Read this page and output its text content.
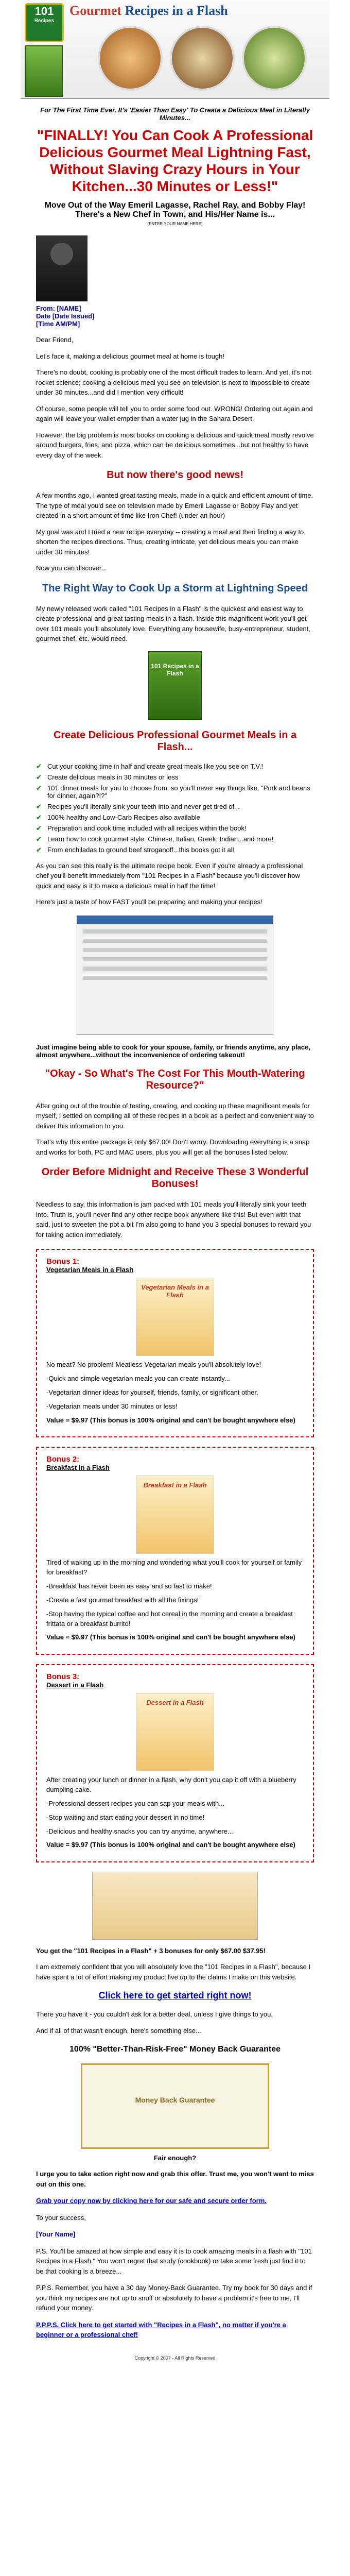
101
Recipes
Gourmet Recipes in a Flash
For The First Time Ever, It's 'Easier Than Easy' To Create a Delicious Meal in Literally Minutes...
"FINALLY! You Can Cook A Professional Delicious Gourmet Meal Lightning Fast, Without Slaving Crazy Hours in Your Kitchen...30 Minutes or Less!"
Move Out of the Way Emeril Lagasse, Rachel Ray, and Bobby Flay! There's a New Chef in Town, and His/Her Name is...
(ENTER YOUR NAME HERE)
From: [NAME]
Date [Date Issued]
[Time AM/PM]

Dear Friend,

Let's face it, making a delicious gourmet meal at home is tough!

There's no doubt, cooking is probably one of the most difficult trades to learn. And yet, it's not rocket science; cooking a delicious meal you see on television is next to impossible to create under 30 minutes...and did I mention very difficult!

Of course, some people will tell you to order some food out. WRONG! Ordering out again and again will leave your wallet emptier than a water jug in the Sahara Desert.

However, the big problem is most books on cooking a delicious and quick meal mostly revolve around burgers, fries, and pizza, which can be delicious sometimes...but not healthy to have every day of the week.

But now there's good news!

A few months ago, I wanted great tasting meals, made in a quick and efficient amount of time. The type of meal you'd see on television made by Emeril Lagasse or Bobby Flay and yet created in a short amount of time like Iron Chef! (under an hour)

My goal was and I tried a new recipe everyday -- creating a meal and then finding a way to shorten the recipes directions. Thus, creating intricate, yet delicious meals you can make under 30 minutes!

Now you can discover...

The Right Way to Cook Up a Storm at Lightning Speed

My newly released work called "101 Recipes in a Flash" is the quickest and easiest way to create professional and great tasting meals in a flash. Inside this magnificent work you'll get over 101 meals you'll absolutely love. Everything any housewife, busy-entrepreneur, student, gourmet chef, etc. would need.

101 Recipes in a Flash
Create Delicious Professional Gourmet Meals in a Flash...
✔ Cut your cooking time in half and create great meals like you see on T.V.!
✔ Create delicious meals in 30 minutes or less
✔ 101 dinner meals for you to choose from, so you'll never say things like, "Pork and beans for dinner, again?!?"
✔ Recipes you'll literally sink your teeth into and never get tired of...
✔ 100% healthy and Low-Carb Recipes also available
✔ Preparation and cook time included with all recipes within the book!
✔ Learn how to cook gourmet style: Chinese, Italian, Greek, Indian...and more!
✔ From enchiladas to ground beef stroganoff...this books got it all

As you can see this really is the ultimate recipe book. Even if you're already a professional chef you'll benefit immediately from "101 Recipes in a Flash" because you'll discover how quick and easy is it to make a delicious meal in half the time!

Here's just a taste of how FAST you'll be preparing and making your recipes!

Just imagine being able to cook for your spouse, family, or friends anytime, any place, almost anywhere...without the inconvenience of ordering takeout!
"Okay - So What's The Cost For This Mouth-Watering Resource?"

After going out of the trouble of testing, creating, and cooking up these magnificent meals for myself, I settled on compiling all of these recipes in a book as a perfect and convenient way to deliver this information to you.

That's why this entire package is only $67.00! Don't worry. Downloading everything is a snap and works for both, PC and MAC users, plus you will get all the bonuses listed below.

Order Before Midnight and Receive These 3 Wonderful Bonuses!

Needless to say, this information is jam packed with 101 meals you'll literally sink your teeth into. Truth is, you'll never find any other recipe book anywhere like this! But even with that said, just to sweeten the pot a bit I'm also going to hand you 3 special bonuses to reward you for taking action immediately.

Bonus 1:
Vegetarian Meals in a Flash
Vegetarian Meals in a Flash

No meat? No problem! Meatless-Vegetarian meals you'll absolutely love!

-Quick and simple vegetarian meals you can create instantly...

-Vegetarian dinner ideas for yourself, friends, family, or significant other.

-Vegetarian meals under 30 minutes or less!

Value = $9.97 (This bonus is 100% original and can't be bought anywhere else)

Bonus 2:
Breakfast in a Flash
Breakfast in a Flash

Tired of waking up in the morning and wondering what you'll cook for yourself or family for breakfast?

-Breakfast has never been as easy and so fast to make!

-Create a fast gourmet breakfast with all the fixings!

-Stop having the typical coffee and hot cereal in the morning and create a breakfast frittata or a breakfast burrito!

Value = $9.97 (This bonus is 100% original and can't be bought anywhere else)

Bonus 3:
Dessert in a Flash
Dessert in a Flash

After creating your lunch or dinner in a flash, why don't you cap it off with a blueberry dumpling cake.

-Professional dessert recipes you can sap your meals with...

-Stop waiting and start eating your dessert in no time!

-Delicious and healthy snacks you can try anytime, anywhere...

Value = $9.97 (This bonus is 100% original and can't be bought anywhere else)

You get the "101 Recipes in a Flash" + 3 bonuses for only $67.00 $37.95!

I am extremely confident that you will absolutely love the "101 Recipes in a Flash", because I have spent a lot of effort making my product live up to the claims I make on this website.

Click here to get started right now!

There you have it - you couldn't ask for a better deal, unless I give things to you.

And if all of that wasn't enough, here's something else...

100% "Better-Than-Risk-Free" Money Back Guarantee
Money Back Guarantee
Fair enough?

I urge you to take action right now and grab this offer. Trust me, you won't want to miss out on this one.

Grab your copy now by clicking here for our safe and secure order form.

To your success,

[Your Name]

P.S. You'll be amazed at how simple and easy it is to cook amazing meals in a flash with "101 Recipes in a Flash." You won't regret that study (cookbook) or take some fresh just find it to be that cooking is a breeze...

P.P.S. Remember, you have a 30 day Money-Back Guarantee. Try my book for 30 days and if you think my recipes are not up to snuff or absolutely to have a problem it's free to me, I'll refund your money.

P.P.P.S. Click here to get started with "Recipes in a Flash", no matter if you're a beginner or a professional chef!

Copyright © 2007 - All Rights Reserved
